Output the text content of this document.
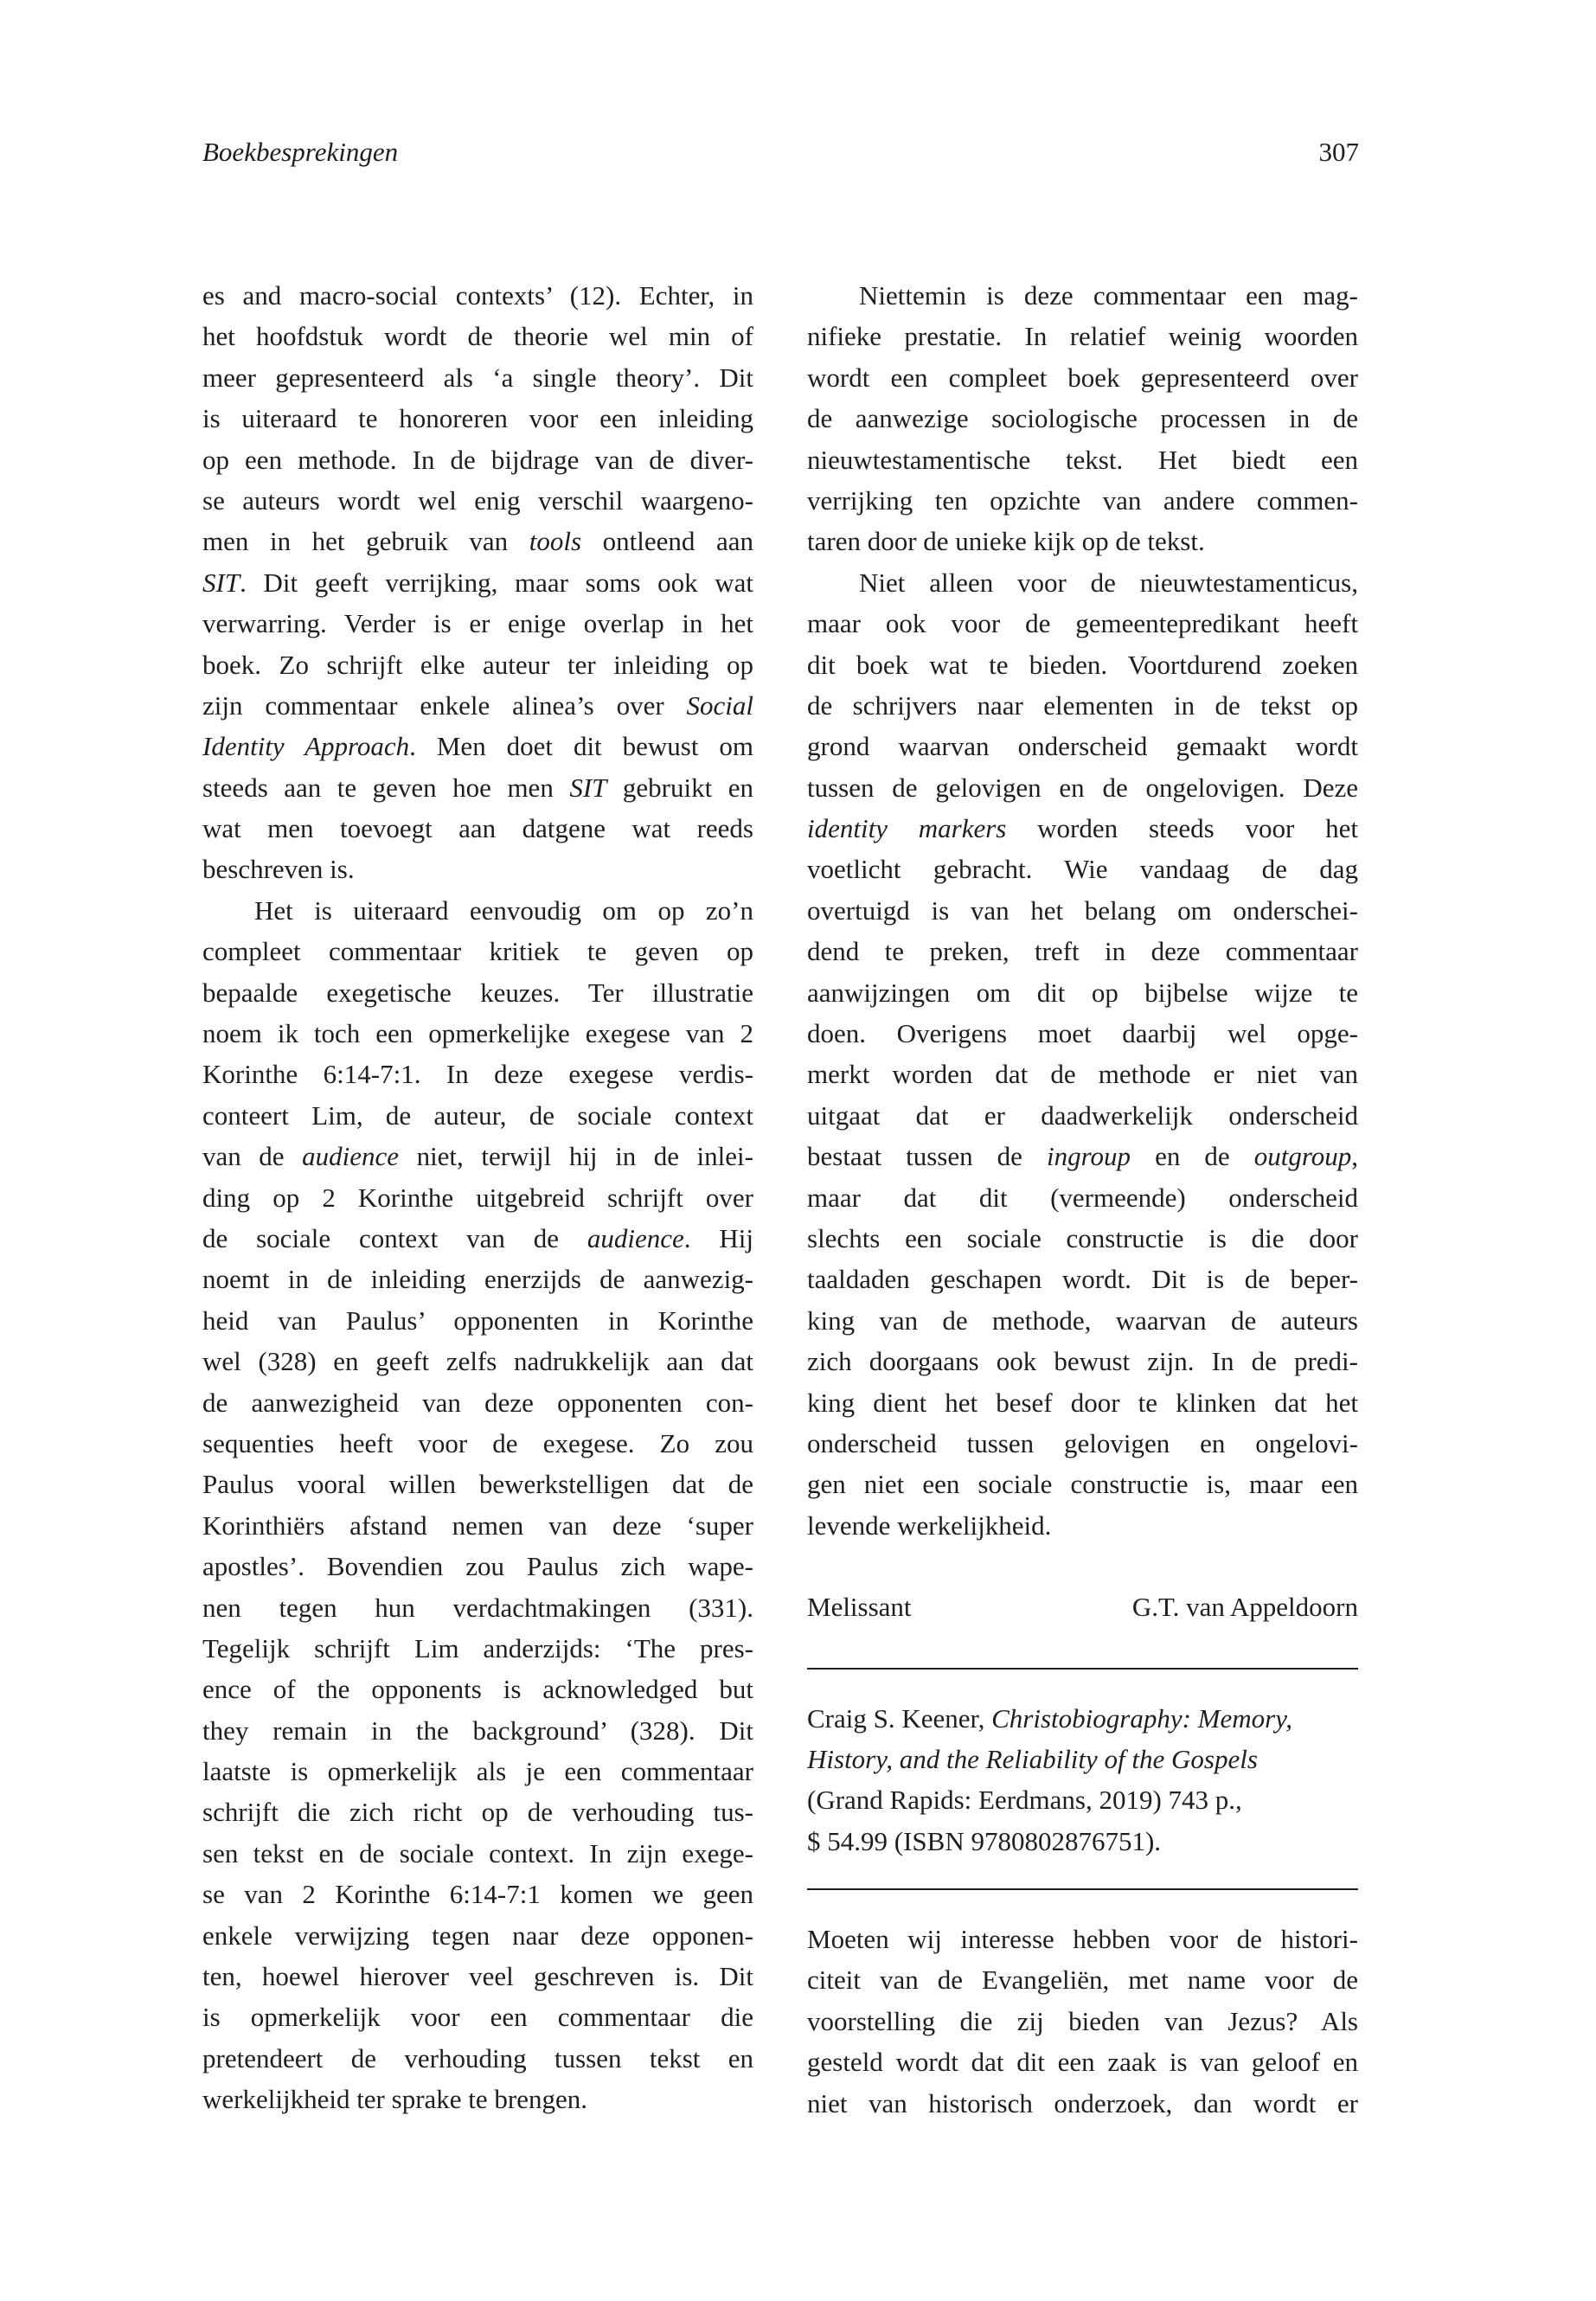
Boekbesprekingen	307
es and macro-social contexts’ (12). Echter, in
het hoofdstuk wordt de theorie wel min of
meer gepresenteerd als ‘a single theory’. Dit
is uiteraard te honoreren voor een inleiding
op een methode. In de bijdrage van de diver-
se auteurs wordt wel enig verschil waargeno-
men in het gebruik van tools ontleend aan
SIT. Dit geeft verrijking, maar soms ook wat
verwarring. Verder is er enige overlap in het
boek. Zo schrijft elke auteur ter inleiding op
zijn commentaar enkele alinea’s over Social
Identity Approach. Men doet dit bewust om
steeds aan te geven hoe men SIT gebruikt en
wat men toevoegt aan datgene wat reeds
beschreven is.
Het is uiteraard eenvoudig om op zo’n
compleet commentaar kritiek te geven op
bepaalde exegetische keuzes. Ter illustratie
noem ik toch een opmerkelijke exegese van 2
Korinthe 6:14-7:1. In deze exegese verdis-
conteert Lim, de auteur, de sociale context
van de audience niet, terwijl hij in de inlei-
ding op 2 Korinthe uitgebreid schrijft over
de sociale context van de audience. Hij
noemt in de inleiding enerzijds de aanwezig-
heid van Paulus’ opponenten in Korinthe
wel (328) en geeft zelfs nadrukkelijk aan dat
de aanwezigheid van deze opponenten con-
sequenties heeft voor de exegese. Zo zou
Paulus vooral willen bewerkstelligen dat de
Korinthiërs afstand nemen van deze ‘super
apostles’. Bovendien zou Paulus zich wape-
nen tegen hun verdachtmakingen (331).
Tegelijk schrijft Lim anderzijds: ‘The pres-
ence of the opponents is acknowledged but
they remain in the background’ (328). Dit
laatste is opmerkelijk als je een commentaar
schrijft die zich richt op de verhouding tus-
sen tekst en de sociale context. In zijn exege-
se van 2 Korinthe 6:14-7:1 komen we geen
enkele verwijzing tegen naar deze opponen-
ten, hoewel hierover veel geschreven is. Dit
is opmerkelijk voor een commentaar die
pretendeert de verhouding tussen tekst en
werkelijkheid ter sprake te brengen.
Niettemin is deze commentaar een mag-
nifieke prestatie. In relatief weinig woorden
wordt een compleet boek gepresenteerd over
de aanwezige sociologische processen in de
nieuwtestamentische tekst. Het biedt een
verrijking ten opzichte van andere commen-
taren door de unieke kijk op de tekst.
Niet alleen voor de nieuwtestamenticus,
maar ook voor de gemeentepredikant heeft
dit boek wat te bieden. Voortdurend zoeken
de schrijvers naar elementen in de tekst op
grond waarvan onderscheid gemaakt wordt
tussen de gelovigen en de ongelovigen. Deze
identity markers worden steeds voor het
voetlicht gebracht. Wie vandaag de dag
overtuigd is van het belang om onderschei-
dend te preken, treft in deze commentaar
aanwijzingen om dit op bijbelse wijze te
doen. Overigens moet daarbij wel opge-
merkt worden dat de methode er niet van
uitgaat dat er daadwerkelijk onderscheid
bestaat tussen de ingroup en de outgroup,
maar dat dit (vermeende) onderscheid
slechts een sociale constructie is die door
taaldaden geschapen wordt. Dit is de beper-
king van de methode, waarvan de auteurs
zich doorgaans ook bewust zijn. In de predi-
king dient het besef door te klinken dat het
onderscheid tussen gelovigen en ongelovi-
gen niet een sociale constructie is, maar een
levende werkelijkheid.
Melissant	G.T. van Appeldoorn
Craig S. Keener, Christobiography: Memory,
History, and the Reliability of the Gospels
(Grand Rapids: Eerdmans, 2019) 743 p.,
$ 54.99 (ISBN 9780802876751).
Moeten wij interesse hebben voor de histori-
citeit van de Evangeliën, met name voor de
voorstelling die zij bieden van Jezus? Als
gesteld wordt dat dit een zaak is van geloof en
niet van historisch onderzoek, dan wordt er
